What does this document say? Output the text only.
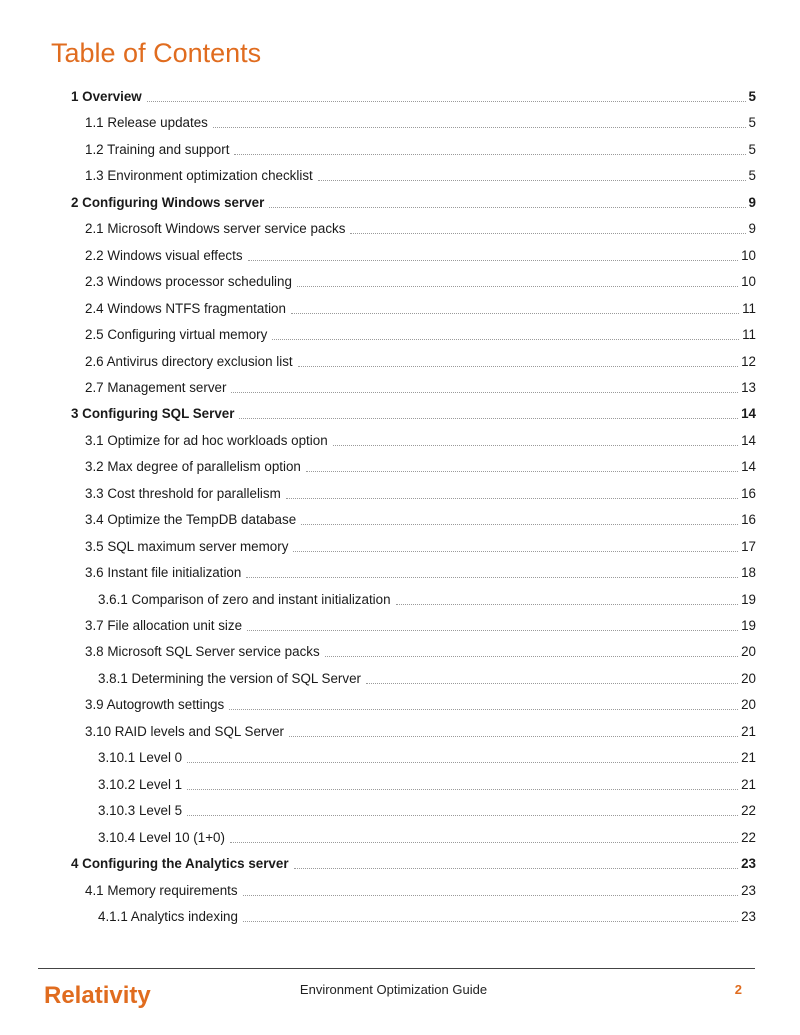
Table of Contents
1 Overview	5
1.1 Release updates	5
1.2 Training and support	5
1.3 Environment optimization checklist	5
2 Configuring Windows server	9
2.1 Microsoft Windows server service packs	9
2.2 Windows visual effects	10
2.3 Windows processor scheduling	10
2.4 Windows NTFS fragmentation	11
2.5 Configuring virtual memory	11
2.6 Antivirus directory exclusion list	12
2.7 Management server	13
3 Configuring SQL Server	14
3.1 Optimize for ad hoc workloads option	14
3.2 Max degree of parallelism option	14
3.3 Cost threshold for parallelism	16
3.4 Optimize the TempDB database	16
3.5 SQL maximum server memory	17
3.6 Instant file initialization	18
3.6.1 Comparison of zero and instant initialization	19
3.7 File allocation unit size	19
3.8 Microsoft SQL Server service packs	20
3.8.1 Determining the version of SQL Server	20
3.9 Autogrowth settings	20
3.10 RAID levels and SQL Server	21
3.10.1 Level 0	21
3.10.2 Level 1	21
3.10.3 Level 5	22
3.10.4 Level 10 (1+0)	22
4 Configuring the Analytics server	23
4.1 Memory requirements	23
4.1.1 Analytics indexing	23
Relativity	Environment Optimization Guide	2
